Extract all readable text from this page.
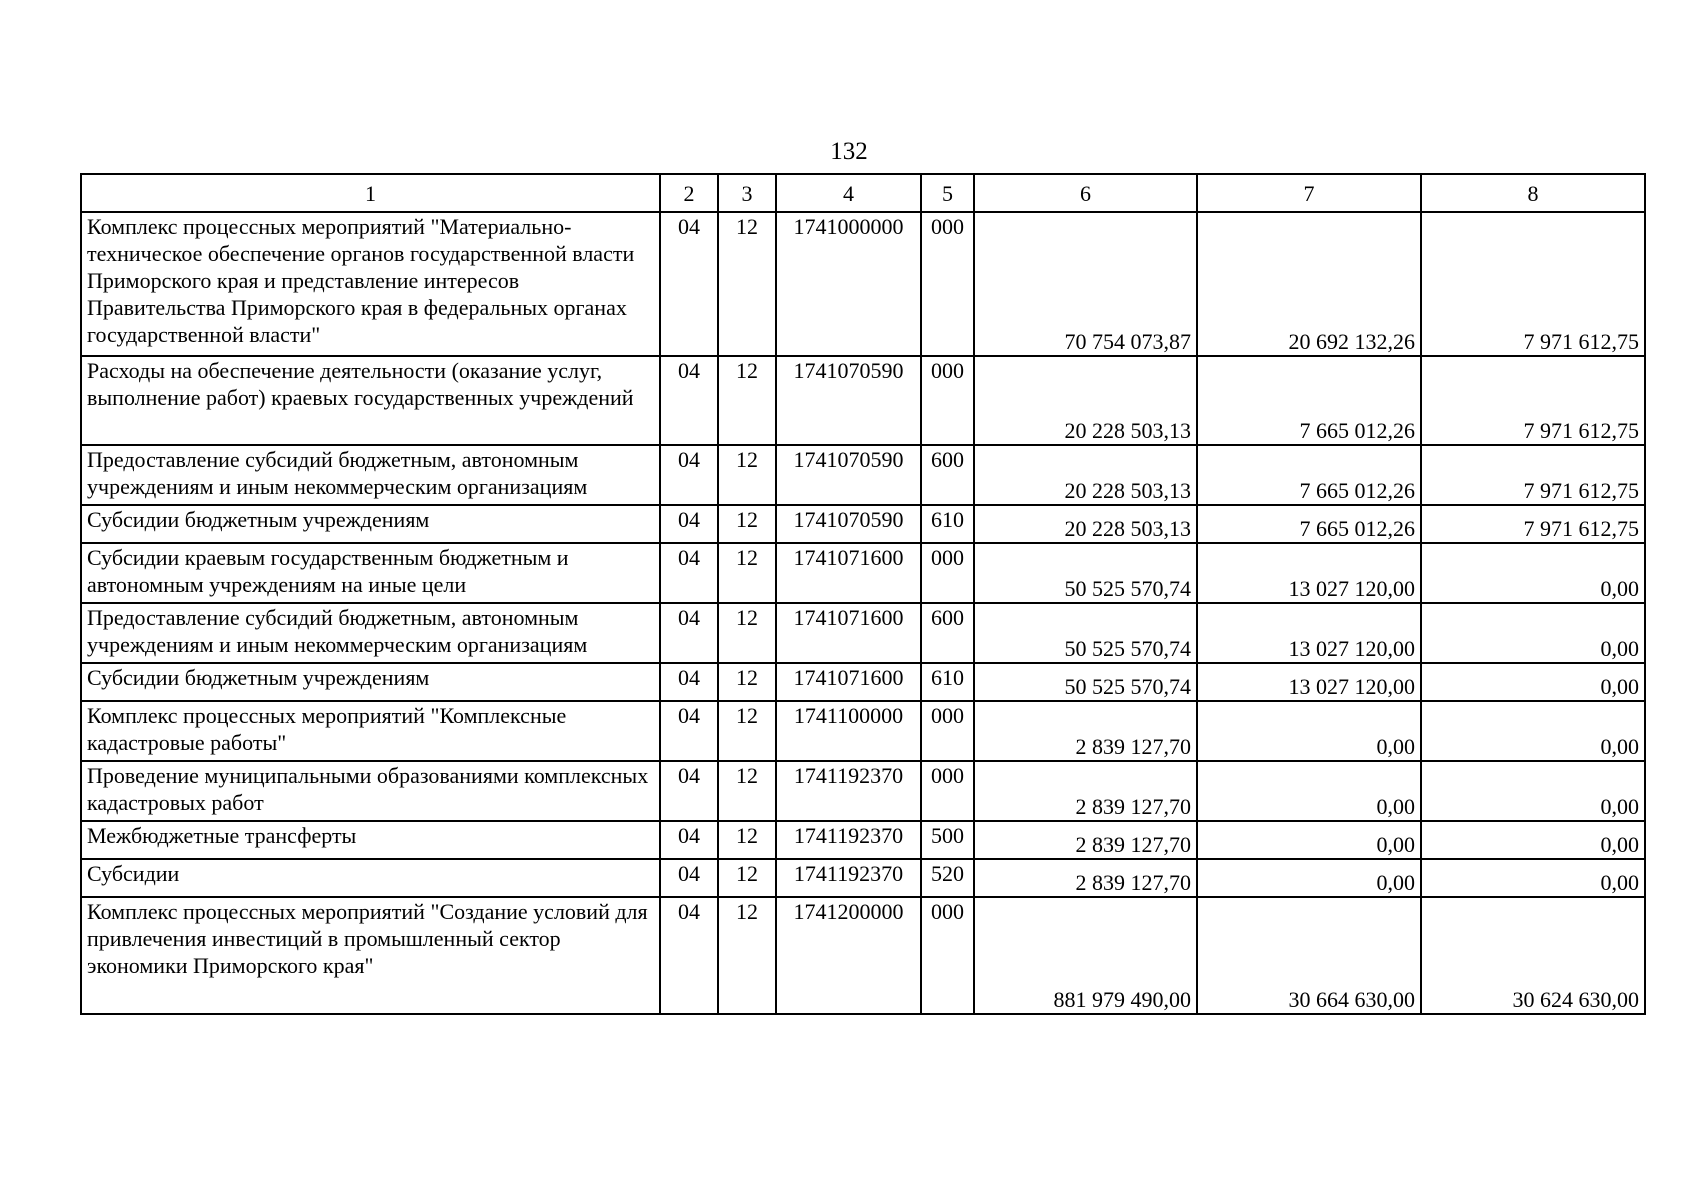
132
1	2	3	4	5	6	7	8
Комплекс процессных мероприятий "Материально-техническое обеспечение органов государственной власти Приморского края и представление интересов Правительства Приморского края в федеральных органах государственной власти"	04	12	1741000000	000	70 754 073,87	20 692 132,26	7 971 612,75
Расходы на обеспечение деятельности (оказание услуг, выполнение работ) краевых государственных учреждений	04	12	1741070590	000	20 228 503,13	7 665 012,26	7 971 612,75
Предоставление субсидий бюджетным, автономным учреждениям и иным некоммерческим организациям	04	12	1741070590	600	20 228 503,13	7 665 012,26	7 971 612,75
Субсидии бюджетным учреждениям	04	12	1741070590	610	20 228 503,13	7 665 012,26	7 971 612,75
Субсидии краевым государственным бюджетным и автономным учреждениям на иные цели	04	12	1741071600	000	50 525 570,74	13 027 120,00	0,00
Предоставление субсидий бюджетным, автономным учреждениям и иным некоммерческим организациям	04	12	1741071600	600	50 525 570,74	13 027 120,00	0,00
Субсидии бюджетным учреждениям	04	12	1741071600	610	50 525 570,74	13 027 120,00	0,00
Комплекс процессных мероприятий "Комплексные кадастровые работы"	04	12	1741100000	000	2 839 127,70	0,00	0,00
Проведение муниципальными образованиями комплексных кадастровых работ	04	12	1741192370	000	2 839 127,70	0,00	0,00
Межбюджетные трансферты	04	12	1741192370	500	2 839 127,70	0,00	0,00
Субсидии	04	12	1741192370	520	2 839 127,70	0,00	0,00
Комплекс процессных мероприятий "Создание условий для привлечения инвестиций в промышленный сектор экономики Приморского края"	04	12	1741200000	000	881 979 490,00	30 664 630,00	30 624 630,00
